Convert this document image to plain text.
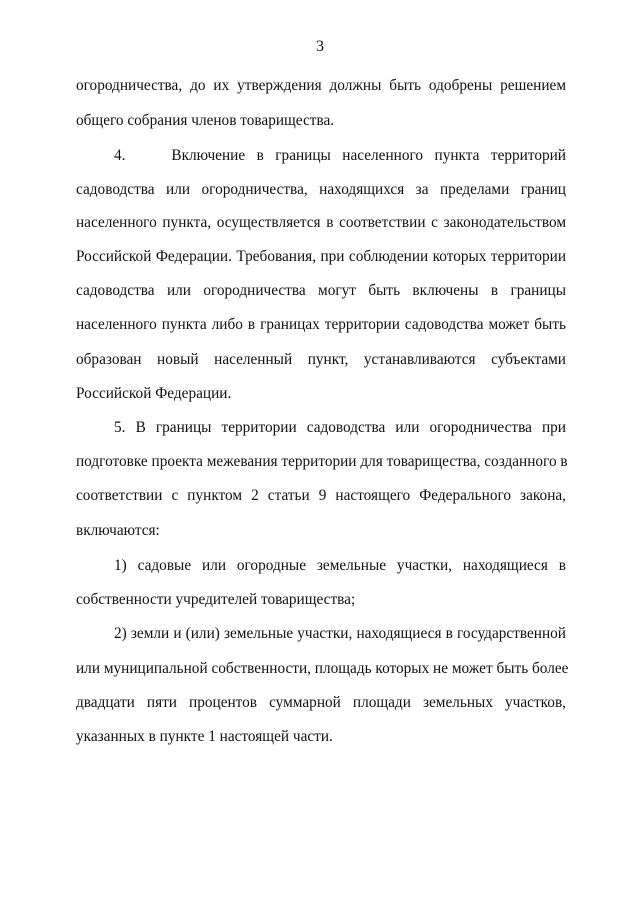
3
огородничества, до их утверждения должны быть одобрены решением
общего собрания членов товарищества.
4.    Включение в границы населенного пункта территорий
садоводства или огородничества, находящихся за пределами границ
населенного пункта, осуществляется в соответствии с законодательством
Российской Федерации. Требования, при соблюдении которых территории
садоводства или огородничества могут быть включены в границы
населенного пункта либо в границах территории садоводства может быть
образован новый населенный пункт, устанавливаются субъектами
Российской Федерации.
5. В границы территории садоводства или огородничества при
подготовке проекта межевания территории для товарищества, созданного в
соответствии с пунктом 2 статьи 9 настоящего Федерального закона,
включаются:
1) садовые или огородные земельные участки, находящиеся в
собственности учредителей товарищества;
2) земли и (или) земельные участки, находящиеся в государственной
или муниципальной собственности, площадь которых не может быть более
двадцати пяти процентов суммарной площади земельных участков,
указанных в пункте 1 настоящей части.
